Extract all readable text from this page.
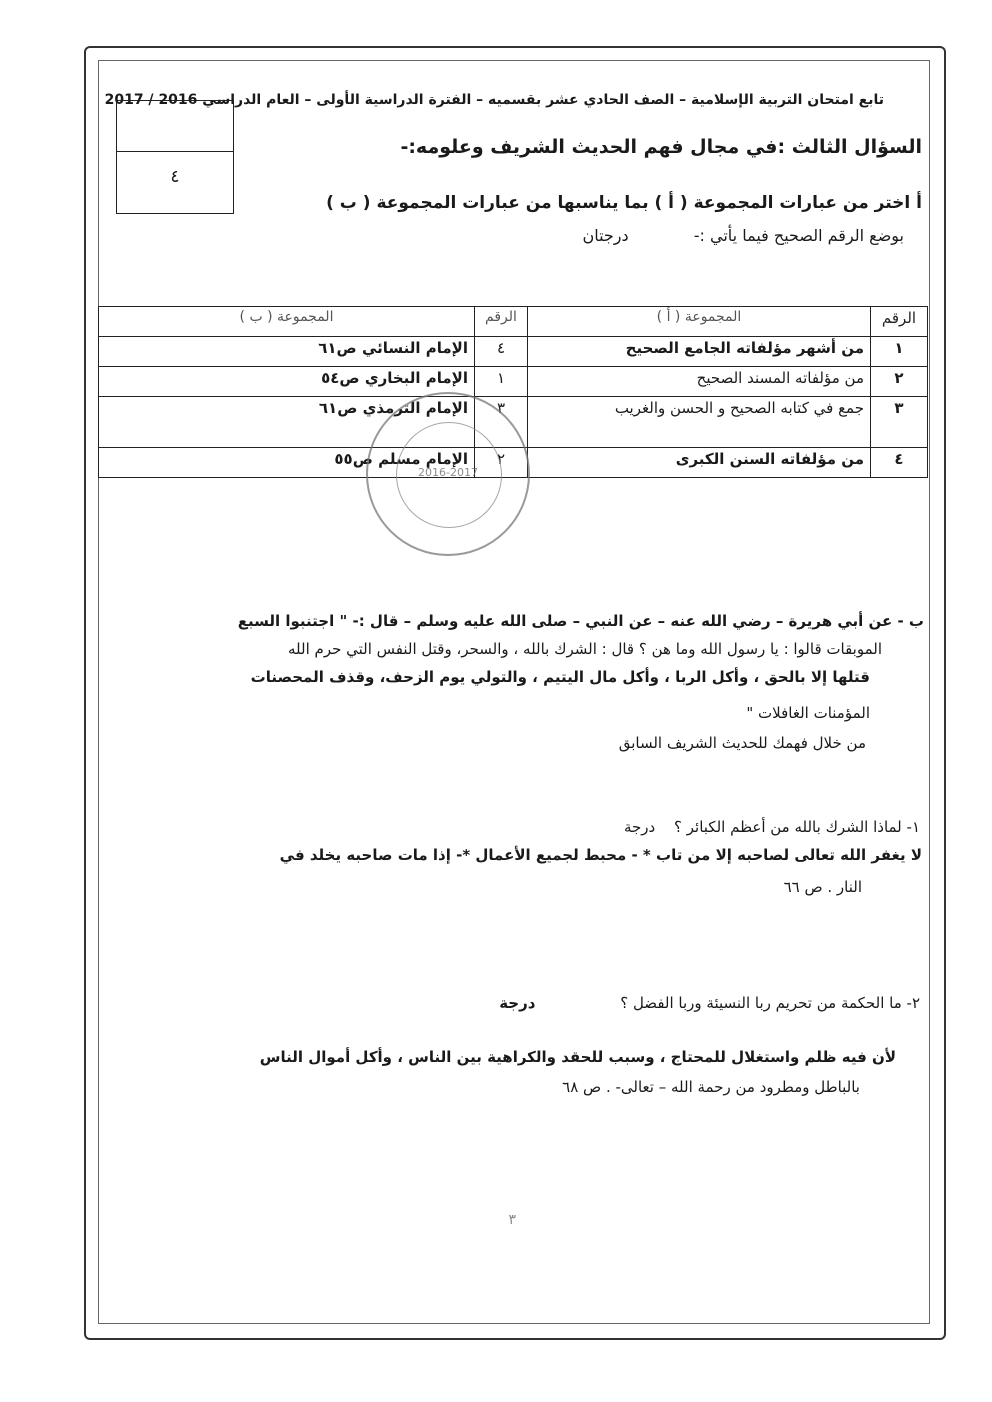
تابع امتحان التربية الإسلامية – الصف الحادي عشر بقسميه – الفترة الدراسية الأولى – العام الدراسي 2016 / 2017
٤
السؤال الثالث :في مجال فهم الحديث الشريف وعلومه:-
أ اختر من عبارات المجموعة ( أ ) بما يناسبها من عبارات المجموعة ( ب )
بوضع الرقم الصحيح فيما يأتي :- درجتان
الرقم	المجموعة ( أ )	الرقم	المجموعة ( ب )
١	من أشهر مؤلفاته الجامع الصحيح	٤	الإمام النسائي ص٦١
٢	من مؤلفاته المسند الصحيح	١	الإمام البخاري ص٥٤
٣	جمع في كتابه الصحيح و الحسن والغريب	٣	الإمام الترمذي ص٦١
٤	من مؤلفاته السنن الكبرى	٢	الإمام مسلم ص٥٥
2016-2017
ب - عن أبي هريرة – رضي الله عنه – عن النبي – صلى الله عليه وسلم – قال :- " اجتنبوا السبع
الموبقات قالوا : يا رسول الله وما هن ؟ قال : الشرك بالله ، والسحر، وقتل النفس التي حرم الله
قتلها إلا بالحق ، وأكل الربا ، وأكل مال اليتيم ، والتولي يوم الزحف، وقذف المحصنات
المؤمنات الغافلات "
من خلال فهمك للحديث الشريف السابق
١- لماذا الشرك بالله من أعظم الكبائر ؟ درجة
لا يغفر الله تعالى لصاحبه إلا من تاب * - محبط لجميع الأعمال *- إذا مات صاحبه يخلد في
النار . ص ٦٦
٢- ما الحكمة من تحريم ربا النسيئة وربا الفضل ؟ درجة
لأن فيه ظلم واستغلال للمحتاج ، وسبب للحقد والكراهية بين الناس ، وأكل أموال الناس
بالباطل ومطرود من رحمة الله – تعالى- . ص ٦٨
٣
